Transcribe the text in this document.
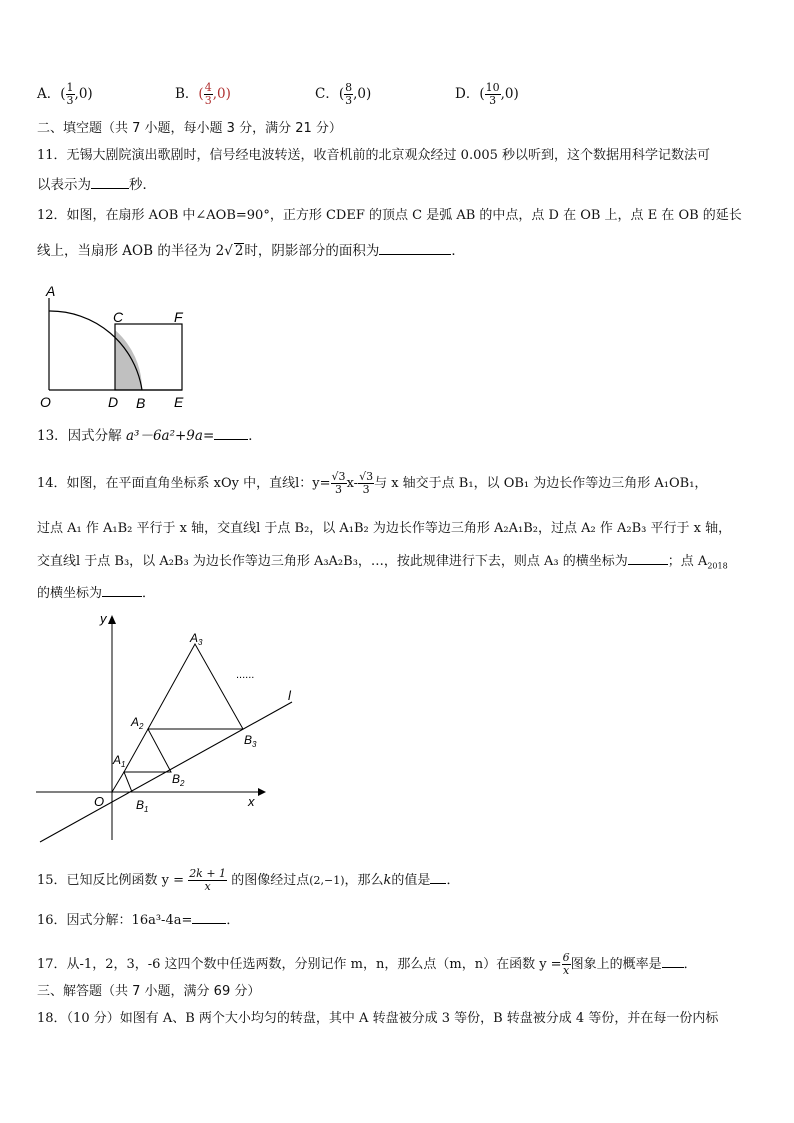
A．( $\frac{1}{3} ,0$)	B．( $\frac{4}{3} ,0$)	C．( $\frac{8}{3} ,0$)	D．( $\frac{10}{3} ,0$)
二、填空题（共 7 小题，每小题 3 分，满分 21 分）
11．无锡大剧院演出歌剧时，信号经电波转送，收音机前的北京观众经过 0.005 秒以听到，这个数据用科学记数法可
以表示为	秒．
12．如图，在扇形 AOB 中∠AOB=90°，正方形 CDEF 的顶点 C 是弧 AB 的中点，点 D 在 OB 上，点 E 在 OB 的延长
线上，当扇形 AOB 的半径为 2√ 2时，阴影部分的面积为	．
A
C	F
O	D B E
13．因式分解 a³－6a²+9a=	．
14．如图，在平面直角坐标系 xOy 中，直线l：$y= \frac{√3}{3} x- \frac{√3}{3}$ 与 x 轴交于点 B₁，以 OB₁ 为边长作等边三角形 A₁OB₁，
过点 A₁ 作 A₁B₂ 平行于 x 轴，交直线l 于点 B₂，以 A₁B₂ 为边长作等边三角形 A₂A₁B₂，过点 A₂ 作 A₂B₃ 平行于 x 轴，
交直线l 于点 B₃，以 A₂B₃ 为边长作等边三角形 A₃A₂B₃，…，按此规律进行下去，则点 A₃ 的横坐标为	；点 $A_{2018}$
的横坐标为	．
y
x
O
l
......
$A_3$
$A_2$
$A_1$
$B_1$
$B_2$
$B_3$
15．已知反比例函数 $y = \frac{2k + 1}{x}$ 的图像经过点(2,−1)，那么k的值是 ．
16．因式分解：16a³-4a=	．
17．从-1，2，3，-6 这四个数中任选两数，分别记作 m，n，那么点（m，n）在函数 $y = \frac{6}{x}$ 图象上的概率是 ．
三、解答题（共 7 小题，满分 69 分）
18．（10 分）如图有 A、B 两个大小均匀的转盘，其中 A 转盘被分成 3 等份，B 转盘被分成 4 等份，并在每一份内标
